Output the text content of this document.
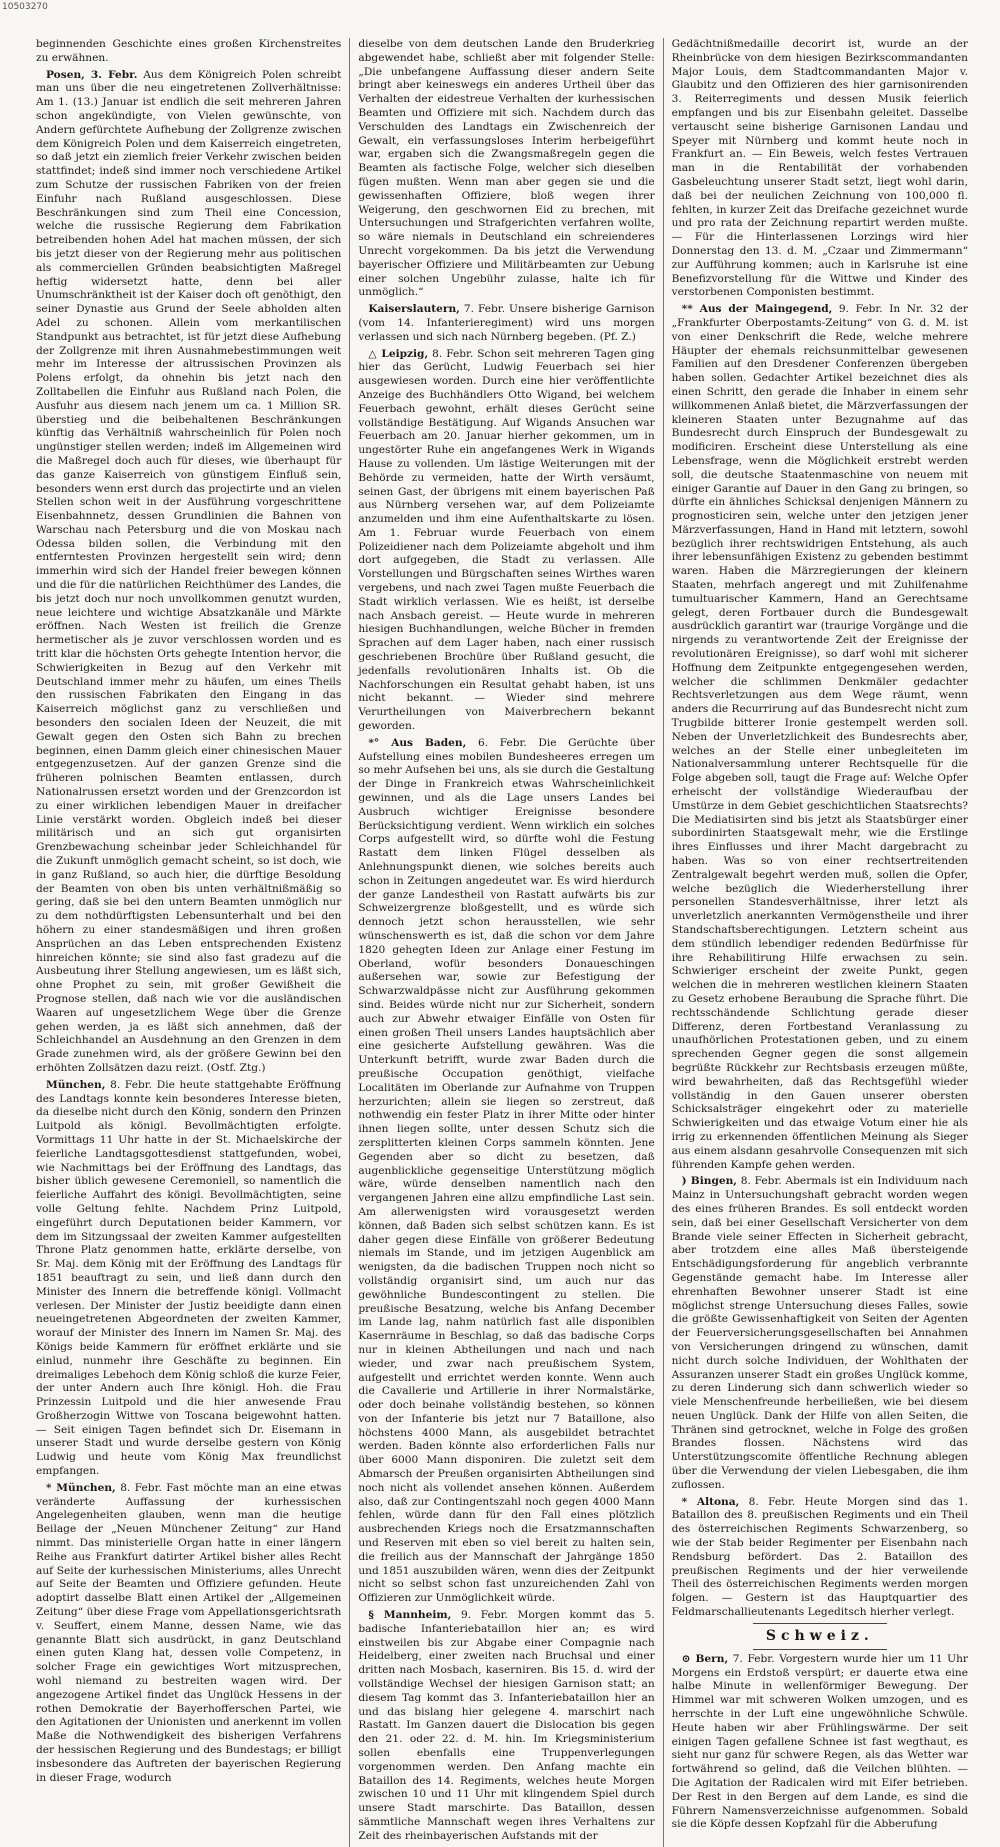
10503270

beginnenden Geschichte eines großen Kirchenstreites zu erwähnen.

Posen, 3. Febr. Aus dem Königreich Polen schreibt man uns über die neu eingetretenen Zollverhältnisse: Am 1. (13.) Januar ist endlich die seit mehreren Jahren schon angekündigte, von Vielen gewünschte, von Andern gefürchtete Aufhebung der Zollgrenze zwischen dem Königreich Polen und dem Kaiserreich eingetreten, so daß jetzt ein ziemlich freier Verkehr zwischen beiden stattfindet; indeß sind immer noch verschiedene Artikel zum Schutze der russischen Fabriken von der freien Einfuhr nach Rußland ausgeschlossen. Diese Beschränkungen sind zum Theil eine Concession, welche die russische Regierung dem Fabrikation betreibenden hohen Adel hat machen müssen, der sich bis jetzt dieser von der Regierung mehr aus politischen als commerciellen Gründen beabsichtigten Maßregel heftig widersetzt hatte, denn bei aller Unumschränktheit ist der Kaiser doch oft genöthigt, den seiner Dynastie aus Grund der Seele abholden alten Adel zu schonen. Allein vom merkantilischen Standpunkt aus betrachtet, ist für jetzt diese Aufhebung der Zollgrenze mit ihren Ausnahmebestimmungen weit mehr im Interesse der altrussischen Provinzen als Polens erfolgt, da ohnehin bis jetzt nach den Zolltabellen die Einfuhr aus Rußland nach Polen, die Ausfuhr aus diesem nach jenem um ca. 1 Million SR. überstieg und die beibehaltenen Beschränkungen künftig das Verhältniß wahrscheinlich für Polen noch ungünstiger stellen werden; indeß im Allgemeinen wird die Maßregel doch auch für dieses, wie überhaupt für das ganze Kaiserreich von günstigem Einfluß sein, besonders wenn erst durch das projectirte und an vielen Stellen schon weit in der Ausführung vorgeschrittene Eisenbahnnetz, dessen Grundlinien die Bahnen von Warschau nach Petersburg und die von Moskau nach Odessa bilden sollen, die Verbindung mit den entferntesten Provinzen hergestellt sein wird; denn immerhin wird sich der Handel freier bewegen können und die für die natürlichen Reichthümer des Landes, die bis jetzt doch nur noch unvollkommen genutzt wurden, neue leichtere und wichtige Absatzkanäle und Märkte eröffnen. Nach Westen ist freilich die Grenze hermetischer als je zuvor verschlossen worden und es tritt klar die höchsten Orts gehegte Intention hervor, die Schwierigkeiten in Bezug auf den Verkehr mit Deutschland immer mehr zu häufen, um eines Theils den russischen Fabrikaten den Eingang in das Kaiserreich möglichst ganz zu verschließen und besonders den socialen Ideen der Neuzeit, die mit Gewalt gegen den Osten sich Bahn zu brechen beginnen, einen Damm gleich einer chinesischen Mauer entgegenzusetzen. Auf der ganzen Grenze sind die früheren polnischen Beamten entlassen, durch Nationalrussen ersetzt worden und der Grenzcordon ist zu einer wirklichen lebendigen Mauer in dreifacher Linie verstärkt worden. Obgleich indeß bei dieser militärisch und an sich gut organisirten Grenzbewachung scheinbar jeder Schleichhandel für die Zukunft unmöglich gemacht scheint, so ist doch, wie in ganz Rußland, so auch hier, die dürftige Besoldung der Beamten von oben bis unten verhältnißmäßig so gering, daß sie bei den untern Beamten unmöglich nur zu dem nothdürftigsten Lebensunterhalt und bei den höhern zu einer standesmäßigen und ihren großen Ansprüchen an das Leben entsprechenden Existenz hinreichen könnte; sie sind also fast gradezu auf die Ausbeutung ihrer Stellung angewiesen, um es läßt sich, ohne Prophet zu sein, mit großer Gewißheit die Prognose stellen, daß nach wie vor die ausländischen Waaren auf ungesetzlichem Wege über die Grenze gehen werden, ja es läßt sich annehmen, daß der Schleichhandel an Ausdehnung an den Grenzen in dem Grade zunehmen wird, als der größere Gewinn bei den erhöhten Zollsätzen dazu reizt. (Ostf. Ztg.)

München, 8. Febr. Die heute stattgehabte Eröffnung des Landtags konnte kein besonderes Interesse bieten, da dieselbe nicht durch den König, sondern den Prinzen Luitpold als königl. Bevollmächtigten erfolgte. Vormittags 11 Uhr hatte in der St. Michaelskirche der feierliche Landtagsgottesdienst stattgefunden, wobei, wie Nachmittags bei der Eröffnung des Landtags, das bisher üblich gewesene Ceremoniell, so namentlich die feierliche Auffahrt des königl. Bevollmächtigten, seine volle Geltung fehlte. Nachdem Prinz Luitpold, eingeführt durch Deputationen beider Kammern, vor dem im Sitzungssaal der zweiten Kammer aufgestellten Throne Platz genommen hatte, erklärte derselbe, von Sr. Maj. dem König mit der Eröffnung des Landtags für 1851 beauftragt zu sein, und ließ dann durch den Minister des Innern die betreffende königl. Vollmacht verlesen. Der Minister der Justiz beeidigte dann einen neueingetretenen Abgeordneten der zweiten Kammer, worauf der Minister des Innern im Namen Sr. Maj. des Königs beide Kammern für eröffnet erklärte und sie einlud, nunmehr ihre Geschäfte zu beginnen. Ein dreimaliges Lebehoch dem König schloß die kurze Feier, der unter Andern auch Ihre königl. Hoh. die Frau Prinzessin Luitpold und die hier anwesende Frau Großherzogin Wittwe von Toscana beigewohnt hatten. — Seit einigen Tagen befindet sich Dr. Eisemann in unserer Stadt und wurde derselbe gestern von König Ludwig und heute vom König Max freundlichst empfangen.

* München, 8. Febr. Fast möchte man an eine etwas veränderte Auffassung der kurhessischen Angelegenheiten glauben, wenn man die heutige Beilage der „Neuen Münchener Zeitung“ zur Hand nimmt. Das ministerielle Organ hatte in einer längern Reihe aus Frankfurt datirter Artikel bisher alles Recht auf Seite der kurhessischen Ministeriums, alles Unrecht auf Seite der Beamten und Offiziere gefunden. Heute adoptirt dasselbe Blatt einen Artikel der „Allgemeinen Zeitung“ über diese Frage vom Appellationsgerichtsrath v. Seuffert, einem Manne, dessen Name, wie das genannte Blatt sich ausdrückt, in ganz Deutschland einen guten Klang hat, dessen volle Competenz, in solcher Frage ein gewichtiges Wort mitzusprechen, wohl niemand zu bestreiten wagen wird. Der angezogene Artikel findet das Unglück Hessens in der rothen Demokratie der Bayerhofferschen Partei, wie den Agitationen der Unionisten und anerkennt im vollen Maße die Nothwendigkeit des bisherigen Verfahrens der hessischen Regierung und des Bundestags; er billigt insbesondere das Auftreten der bayerischen Regierung in dieser Frage, wodurch

dieselbe von dem deutschen Lande den Bruderkrieg abgewendet habe, schließt aber mit folgender Stelle: „Die unbefangene Auffassung dieser andern Seite bringt aber keineswegs ein anderes Urtheil über das Verhalten der eidestreue Verhalten der kurhessischen Beamten und Offiziere mit sich. Nachdem durch das Verschulden des Landtags ein Zwischenreich der Gewalt, ein verfassungsloses Interim herbeigeführt war, ergaben sich die Zwangsmaßregeln gegen die Beamten als factische Folge, welcher sich dieselben fügen mußten. Wenn man aber gegen sie und die gewissenhaften Offiziere, bloß wegen ihrer Weigerung, den geschwornen Eid zu brechen, mit Untersuchungen und Strafgerichten verfahren wollte, so wäre niemals in Deutschland ein schreienderes Unrecht vorgekommen. Da bis jetzt die Verwendung bayerischer Offiziere und Militärbeamten zur Uebung einer solchen Ungebühr zulasse, halte ich für unmöglich.“

Kaiserslautern, 7. Febr. Unsere bisherige Garnison (vom 14. Infanterieregiment) wird uns morgen verlassen und sich nach Nürnberg begeben. (Pf. Z.)

△ Leipzig, 8. Febr. Schon seit mehreren Tagen ging hier das Gerücht, Ludwig Feuerbach sei hier ausgewiesen worden. Durch eine hier veröffentlichte Anzeige des Buchhändlers Otto Wigand, bei welchem Feuerbach gewohnt, erhält dieses Gerücht seine vollständige Bestätigung. Auf Wigands Ansuchen war Feuerbach am 20. Januar hierher gekommen, um in ungestörter Ruhe ein angefangenes Werk in Wigands Hause zu vollenden. Um lästige Weiterungen mit der Behörde zu vermeiden, hatte der Wirth versäumt, seinen Gast, der übrigens mit einem bayerischen Paß aus Nürnberg versehen war, auf dem Polizeiamte anzumelden und ihm eine Aufenthaltskarte zu lösen. Am 1. Februar wurde Feuerbach von einem Polizeidiener nach dem Polizeiamte abgeholt und ihm dort aufgegeben, die Stadt zu verlassen. Alle Vorstellungen und Bürgschaften seines Wirthes waren vergebens, und nach zwei Tagen mußte Feuerbach die Stadt wirklich verlassen. Wie es heißt, ist derselbe nach Ansbach gereist. — Heute wurde in mehreren hiesigen Buchhandlungen, welche Bücher in fremden Sprachen auf dem Lager haben, nach einer russisch geschriebenen Brochüre über Rußland gesucht, die jedenfalls revolutionären Inhalts ist. Ob die Nachforschungen ein Resultat gehabt haben, ist uns nicht bekannt. — Wieder sind mehrere Verurtheilungen von Maiverbrechern bekannt geworden.

*° Aus Baden, 6. Febr. Die Gerüchte über Aufstellung eines mobilen Bundesheeres erregen um so mehr Aufsehen bei uns, als sie durch die Gestaltung der Dinge in Frankreich etwas Wahrscheinlichkeit gewinnen, und als die Lage unsers Landes bei Ausbruch wichtiger Ereignisse besondere Berücksichtigung verdient. Wenn wirklich ein solches Corps aufgestellt wird, so dürfte wohl die Festung Rastatt dem linken Flügel desselben als Anlehnungspunkt dienen, wie solches bereits auch schon in Zeitungen angedeutet war. Es wird hierdurch der ganze Landestheil von Rastatt aufwärts bis zur Schweizergrenze bloßgestellt, und es würde sich dennoch jetzt schon herausstellen, wie sehr wünschenswerth es ist, daß die schon vor dem Jahre 1820 gehegten Ideen zur Anlage einer Festung im Oberland, wofür besonders Donaueschingen außersehen war, sowie zur Befestigung der Schwarzwaldpässe nicht zur Ausführung gekommen sind. Beides würde nicht nur zur Sicherheit, sondern auch zur Abwehr etwaiger Einfälle von Osten für einen großen Theil unsers Landes hauptsächlich aber eine gesicherte Aufstellung gewähren. Was die Unterkunft betrifft, wurde zwar Baden durch die preußische Occupation genöthigt, vielfache Localitäten im Oberlande zur Aufnahme von Truppen herzurichten; allein sie liegen so zerstreut, daß nothwendig ein fester Platz in ihrer Mitte oder hinter ihnen liegen sollte, unter dessen Schutz sich die zersplitterten kleinen Corps sammeln könnten. Jene Gegenden aber so dicht zu besetzen, daß augenblickliche gegenseitige Unterstützung möglich wäre, würde denselben namentlich nach den vergangenen Jahren eine allzu empfindliche Last sein. Am allerwenigsten wird vorausgesetzt werden können, daß Baden sich selbst schützen kann. Es ist daher gegen diese Einfälle von größerer Bedeutung niemals im Stande, und im jetzigen Augenblick am wenigsten, da die badischen Truppen noch nicht so vollständig organisirt sind, um auch nur das gewöhnliche Bundescontingent zu stellen. Die preußische Besatzung, welche bis Anfang December im Lande lag, nahm natürlich fast alle disponiblen Kasernräume in Beschlag, so daß das badische Corps nur in kleinen Abtheilungen und nach und nach wieder, und zwar nach preußischem System, aufgestellt und errichtet werden konnte. Wenn auch die Cavallerie und Artillerie in ihrer Normalstärke, oder doch beinahe vollständig bestehen, so können von der Infanterie bis jetzt nur 7 Bataillone, also höchstens 4000 Mann, als ausgebildet betrachtet werden. Baden könnte also erforderlichen Falls nur über 6000 Mann disponiren. Die zuletzt seit dem Abmarsch der Preußen organisirten Abtheilungen sind noch nicht als vollendet ansehen können. Außerdem also, daß zur Contingentszahl noch gegen 4000 Mann fehlen, würde dann für den Fall eines plötzlich ausbrechenden Kriegs noch die Ersatzmannschaften und Reserven mit eben so viel bereit zu halten sein, die freilich aus der Mannschaft der Jahrgänge 1850 und 1851 auszubilden wären, wenn dies der Zeitpunkt nicht so selbst schon fast unzureichenden Zahl von Offizieren zur Unmöglichkeit würde.

§ Mannheim, 9. Febr. Morgen kommt das 5. badische Infanteriebataillon hier an; es wird einstweilen bis zur Abgabe einer Compagnie nach Heidelberg, einer zweiten nach Bruchsal und einer dritten nach Mosbach, kaserniren. Bis 15. d. wird der vollständige Wechsel der hiesigen Garnison statt; an diesem Tag kommt das 3. Infanteriebataillon hier an und das bislang hier gelegene 4. marschirt nach Rastatt. Im Ganzen dauert die Dislocation bis gegen den 21. oder 22. d. M. hin. Im Kriegsministerium sollen ebenfalls eine Truppenverlegungen vorgenommen werden. Den Anfang machte ein Bataillon des 14. Regiments, welches heute Morgen zwischen 10 und 11 Uhr mit klingendem Spiel durch unsere Stadt marschirte. Das Bataillon, dessen sämmtliche Mannschaft wegen ihres Verhaltens zur Zeit des rheinbayerischen Aufstands mit der

Gedächtnißmedaille decorirt ist, wurde an der Rheinbrücke von dem hiesigen Bezirkscommandanten Major Louis, dem Stadtcommandanten Major v. Glaubitz und den Offizieren des hier garnisonirenden 3. Reiterregiments und dessen Musik feierlich empfangen und bis zur Eisenbahn geleitet. Dasselbe vertauscht seine bisherige Garnisonen Landau und Speyer mit Nürnberg und kommt heute noch in Frankfurt an. — Ein Beweis, welch festes Vertrauen man in die Rentabilität der vorhabenden Gasbeleuchtung unserer Stadt setzt, liegt wohl darin, daß bei der neulichen Zeichnung von 100,000 fl. fehlten, in kurzer Zeit das Dreifache gezeichnet wurde und pro rata der Zeichnung repartirt werden mußte. — Für die Hinterlassenen Lorzings wird hier Donnerstag den 13. d. M. „Czaar und Zimmermann“ zur Aufführung kommen; auch in Karlsruhe ist eine Benefizvorstellung für die Wittwe und Kinder des verstorbenen Componisten bestimmt.

** Aus der Maingegend, 9. Febr. In Nr. 32 der „Frankfurter Oberpostamts-Zeitung“ von G. d. M. ist von einer Denkschrift die Rede, welche mehrere Häupter der ehemals reichsunmittelbar gewesenen Familien auf den Dresdener Conferenzen übergeben haben sollen. Gedachter Artikel bezeichnet dies als einen Schritt, den gerade die Inhaber in einem sehr willkommenen Anlaß bietet, die Märzverfassungen der kleineren Staaten unter Bezugnahme auf das Bundesrecht durch Einspruch der Bundesgewalt zu modificiren. Erscheint diese Unterstellung als eine Lebensfrage, wenn die Möglichkeit erstrebt werden soll, die deutsche Staatenmaschine von neuem mit einiger Garantie auf Dauer in den Gang zu bringen, so dürfte ein ähnliches Schicksal denjenigen Männern zu prognosticiren sein, welche unter den jetzigen jener Märzverfassungen, Hand in Hand mit letztern, sowohl bezüglich ihrer rechtswidrigen Entstehung, als auch ihrer lebensunfähigen Existenz zu gebenden bestimmt waren. Haben die Märzregierungen der kleinern Staaten, mehrfach angeregt und mit Zuhilfenahme tumultuarischer Kammern, Hand an Gerechtsame gelegt, deren Fortbauer durch die Bundesgewalt ausdrücklich garantirt war (traurige Vorgänge und die nirgends zu verantwortende Zeit der Ereignisse der revolutionären Ereignisse), so darf wohl mit sicherer Hoffnung dem Zeitpunkte entgegengesehen werden, welcher die schlimmen Denkmäler gedachter Rechtsverletzungen aus dem Wege räumt, wenn anders die Recurrirung auf das Bundesrecht nicht zum Trugbilde bitterer Ironie gestempelt werden soll. Neben der Unverletzlichkeit des Bundesrechts aber, welches an der Stelle einer unbegleiteten im Nationalversammlung unterer Rechtsquelle für die Folge abgeben soll, taugt die Frage auf: Welche Opfer erheischt der vollständige Wiederaufbau der Umstürze in dem Gebiet geschichtlichen Staatsrechts? Die Mediatisirten sind bis jetzt als Staatsbürger einer subordinirten Staatsgewalt mehr, wie die Erstlinge ihres Einflusses und ihrer Macht dargebracht zu haben. Was so von einer rechtsertreitenden Zentralgewalt begehrt werden muß, sollen die Opfer, welche bezüglich die Wiederherstellung ihrer personellen Standesverhältnisse, ihrer letzt als unverletzlich anerkannten Vermögenstheile und ihrer Standschaftsberechtigungen. Letztern scheint aus dem stündlich lebendiger redenden Bedürfnisse für ihre Rehabilitirung Hilfe erwachsen zu sein. Schwieriger erscheint der zweite Punkt, gegen welchen die in mehreren westlichen kleinern Staaten zu Gesetz erhobene Beraubung die Sprache führt. Die rechtsschändende Schlichtung gerade dieser Differenz, deren Fortbestand Veranlassung zu unaufhörlichen Protestationen geben, und zu einem sprechenden Gegner gegen die sonst allgemein begrüßte Rückkehr zur Rechtsbasis erzeugen müßte, wird bewahrheiten, daß das Rechtsgefühl wieder vollständig in den Gauen unserer obersten Schicksalsträger eingekehrt oder zu materielle Schwierigkeiten und das etwaige Votum einer hie als irrig zu erkennenden öffentlichen Meinung als Sieger aus einem alsdann gesahrvolle Consequenzen mit sich führenden Kampfe gehen werden.

) Bingen, 8. Febr. Abermals ist ein Individuum nach Mainz in Untersuchungshaft gebracht worden wegen des eines früheren Brandes. Es soll entdeckt worden sein, daß bei einer Gesellschaft Versicherter von dem Brande viele seiner Effecten in Sicherheit gebracht, aber trotzdem eine alles Maß übersteigende Entschädigungsforderung für angeblich verbrannte Gegenstände gemacht habe. Im Interesse aller ehrenhaften Bewohner unserer Stadt ist eine möglichst strenge Untersuchung dieses Falles, sowie die größte Gewissenhaftigkeit von Seiten der Agenten der Feuerversicherungsgesellschaften bei Annahmen von Versicherungen dringend zu wünschen, damit nicht durch solche Individuen, der Wohlthaten der Assuranzen unserer Stadt ein großes Unglück komme, zu deren Linderung sich dann schwerlich wieder so viele Menschenfreunde herbeiließen, wie bei diesem neuen Unglück. Dank der Hilfe von allen Seiten, die Thränen sind getrocknet, welche in Folge des großen Brandes flossen. Nächstens wird das Unterstützungscomite öffentliche Rechnung ablegen über die Verwendung der vielen Liebesgaben, die ihm zuflossen.

* Altona, 8. Febr. Heute Morgen sind das 1. Bataillon des 8. preußischen Regiments und ein Theil des österreichischen Regiments Schwarzenberg, so wie der Stab beider Regimenter per Eisenbahn nach Rendsburg befördert. Das 2. Bataillon des preußischen Regiments und der hier verweilende Theil des österreichischen Regiments werden morgen folgen. — Gestern ist das Hauptquartier des Feldmarschallieutenants Legeditsch hierher verlegt.

Schweiz.

⊙ Bern, 7. Febr. Vorgestern wurde hier um 11 Uhr Morgens ein Erdstoß verspürt; er dauerte etwa eine halbe Minute in wellenförmiger Bewegung. Der Himmel war mit schweren Wolken umzogen, und es herrschte in der Luft eine ungewöhnliche Schwüle. Heute haben wir aber Frühlingswärme. Der seit einigen Tagen gefallene Schnee ist fast wegthaut, es sieht nur ganz für schwere Regen, als das Wetter war fortwährend so gelind, daß die Veilchen blühten. — Die Agitation der Radicalen wird mit Eifer betrieben. Der Rest in den Bergen auf dem Lande, es sind die Führern Namensverzeichnisse aufgenommen. Sobald sie die Köpfe dessen Kopfzahl für die Abberufung
